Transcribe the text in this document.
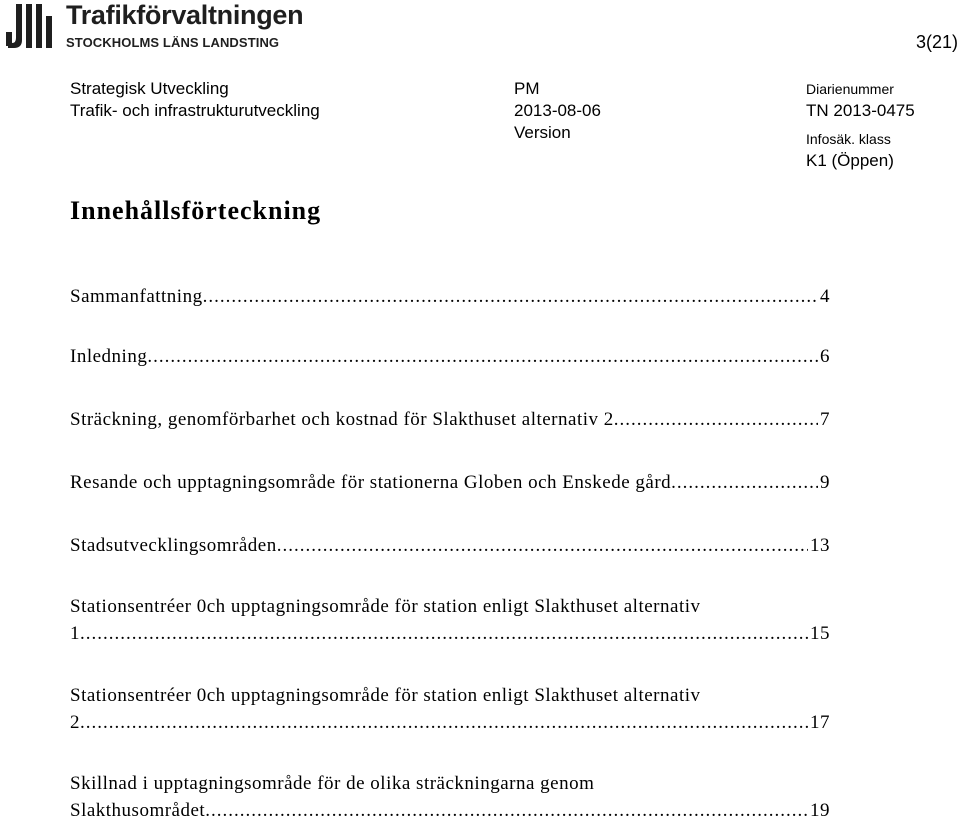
Trafikförvaltningen
STOCKHOLMS LÄNS LANDSTING	3(21)
Strategisk Utveckling
Trafik- och infrastrukturutveckling
PM
2013-08-06
Version
Diarienummer
TN 2013-0475
Infosäk. klass
K1 (Öppen)
Innehållsförteckning
Sammanfattning .....	4
Inledning .....	6
Sträckning, genomförbarhet och kostnad för Slakthuset alternativ 2 .....	7
Resande och upptagningsområde för stationerna Globen och Enskede gård .....	9
Stadsutvecklingsområden .....	13
Stationsentréer 0ch upptagningsområde för station enligt Slakthuset alternativ
1 .....	15
Stationsentréer 0ch upptagningsområde för station enligt Slakthuset alternativ
2 .....	17
Skillnad i upptagningsområde för de olika sträckningarna genom
Slakthusområdet .....	19
